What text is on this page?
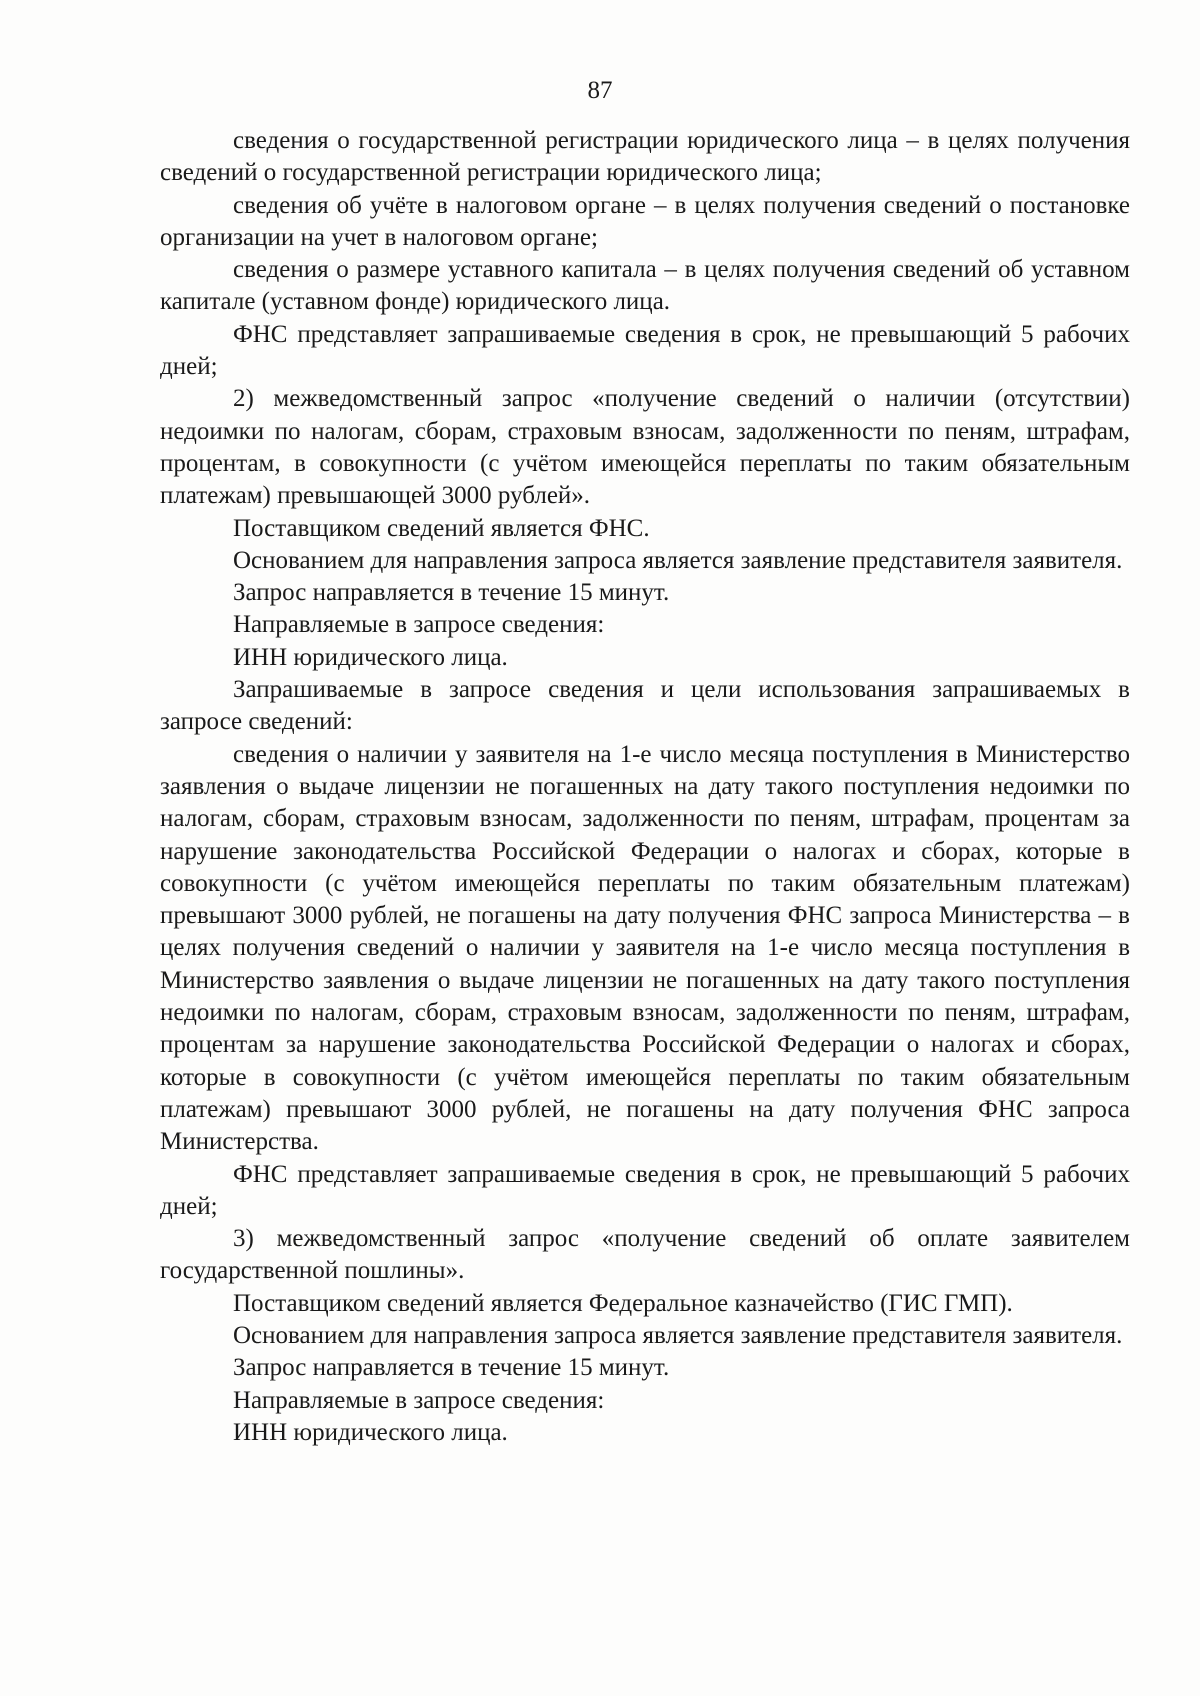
87

сведения о государственной регистрации юридического лица – в целях получения сведений о государственной регистрации юридического лица;

сведения об учёте в налоговом органе – в целях получения сведений о постановке организации на учет в налоговом органе;

сведения о размере уставного капитала – в целях получения сведений об уставном капитале (уставном фонде) юридического лица.

ФНС представляет запрашиваемые сведения в срок, не превышающий 5 рабочих дней;

2) межведомственный запрос «получение сведений о наличии (отсутствии) недоимки по налогам, сборам, страховым взносам, задолженности по пеням, штрафам, процентам, в совокупности (с учётом имеющейся переплаты по таким обязательным платежам) превышающей 3000 рублей».

Поставщиком сведений является ФНС.

Основанием для направления запроса является заявление представителя заявителя.

Запрос направляется в течение 15 минут.

Направляемые в запросе сведения:

ИНН юридического лица.

Запрашиваемые в запросе сведения и цели использования запрашиваемых в запросе сведений:

сведения о наличии у заявителя на 1-е число месяца поступления в Министерство заявления о выдаче лицензии не погашенных на дату такого поступления недоимки по налогам, сборам, страховым взносам, задолженности по пеням, штрафам, процентам за нарушение законодательства Российской Федерации о налогах и сборах, которые в совокупности (с учётом имеющейся переплаты по таким обязательным платежам) превышают 3000 рублей, не погашены на дату получения ФНС запроса Министерства – в целях получения сведений о наличии у заявителя на 1-е число месяца поступления в Министерство заявления о выдаче лицензии не погашенных на дату такого поступления недоимки по налогам, сборам, страховым взносам, задолженности по пеням, штрафам, процентам за нарушение законодательства Российской Федерации о налогах и сборах, которые в совокупности (с учётом имеющейся переплаты по таким обязательным платежам) превышают 3000 рублей, не погашены на дату получения ФНС запроса Министерства.

ФНС представляет запрашиваемые сведения в срок, не превышающий 5 рабочих дней;

3) межведомственный запрос «получение сведений об оплате заявителем государственной пошлины».

Поставщиком сведений является Федеральное казначейство (ГИС ГМП).

Основанием для направления запроса является заявление представителя заявителя.

Запрос направляется в течение 15 минут.

Направляемые в запросе сведения:

ИНН юридического лица.
